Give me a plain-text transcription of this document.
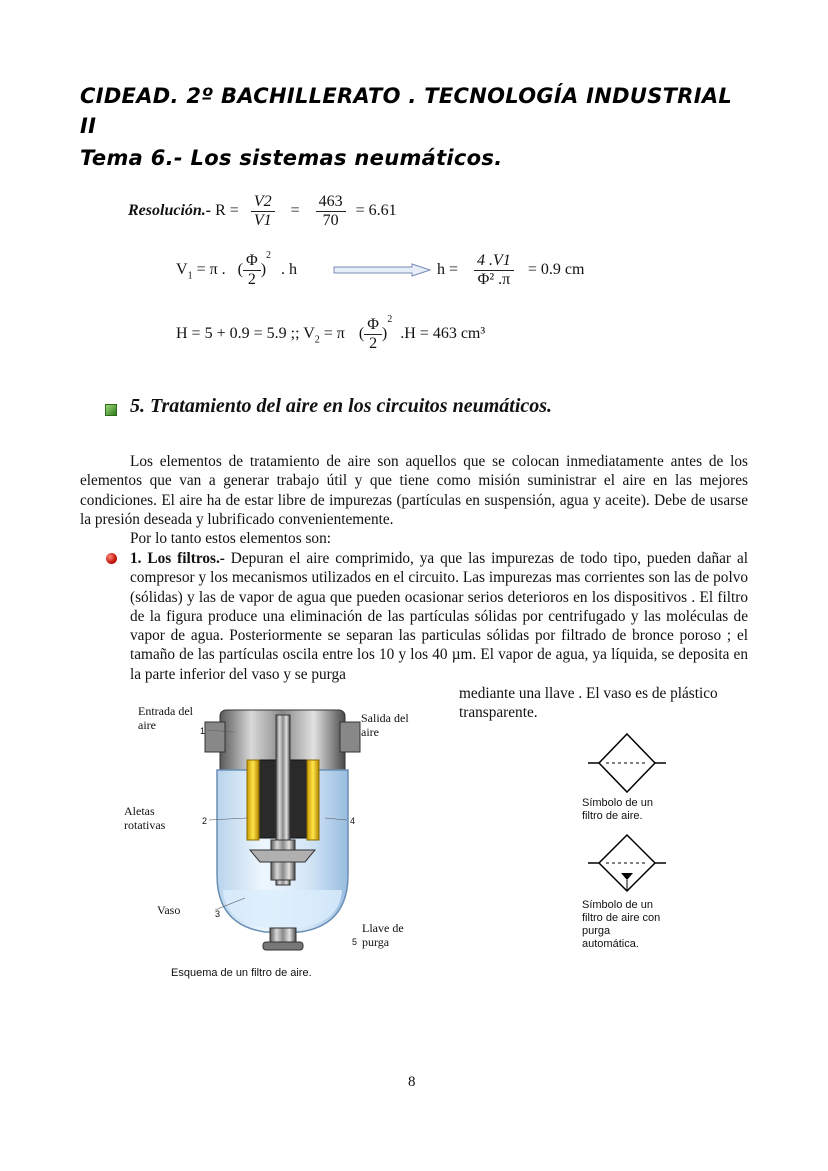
CIDEAD. 2º BACHILLERATO . TECNOLOGÍA INDUSTRIAL
II
Tema 6.- Los sistemas neumáticos.
Resolución.- $R = \frac{V2}{V1} = \frac{463}{70} = 6.61$
$V_1 = \pi$ . ( $\frac{\Phi}{2} )^2$ . h	$h = \frac{4 .V1}{\text{Φ² .π}} = 0.9$ cm
H = 5 + 0.9 = 5.9 ;; $V_2 = \pi$ ( $\frac{\Phi}{2} )^2$ .H = 463 cm³
5. Tratamiento del aire en los circuitos neumáticos.
Los elementos de tratamiento de aire son aquellos que se colocan inmediatamente antes de los elementos que van a generar trabajo útil y que tiene como misión suministrar el aire en las mejores condiciones. El aire ha de estar libre de impurezas (partículas en suspensión, agua y aceite). Debe de usarse la presión deseada y lubrificado convenientemente.
Por lo tanto estos elementos son:
1. Los filtros.- Depuran el aire comprimido, ya que las impurezas de todo tipo, pueden dañar al compresor y los mecanismos utilizados en el circuito. Las impurezas mas corrientes son las de polvo (sólidas) y las de vapor de agua que pueden ocasionar serios deterioros en los dispositivos . El filtro de la figura produce una eliminación de las partículas sólidas por centrifugado y las moléculas de vapor de agua. Posteriormente se separan las particulas sólidas por filtrado de bronce poroso ; el tamaño de las partículas oscila entre los 10 y los 40 µm. El vapor de agua, ya líquida, se deposita en la parte inferior del vaso y se purga
mediante una llave . El vaso es de plástico transparente.
Entrada del aire	Salida del aire
Aletas rotativas
Vaso
Llave de purga
1
2
3
4
5
Esquema de un filtro de aire.
Símbolo de un filtro de aire.
Símbolo de un filtro de aire con purga automática.
8
